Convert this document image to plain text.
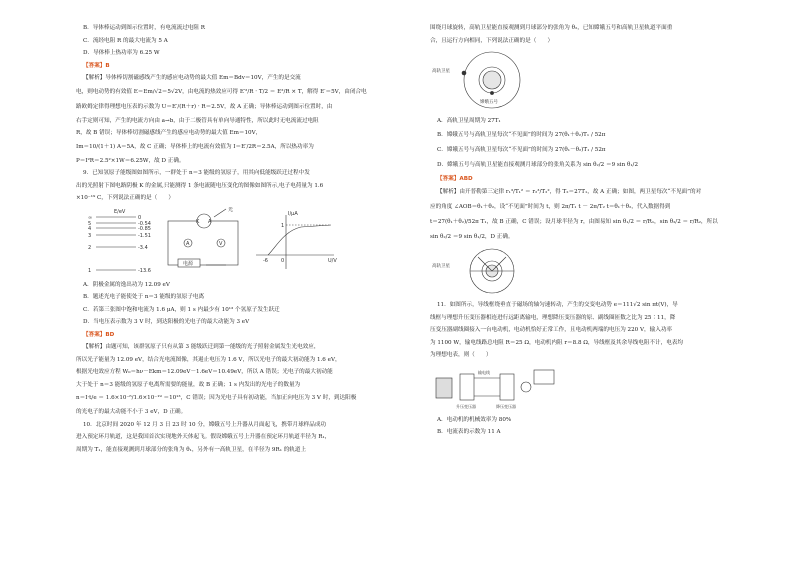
B．导体棒运动到图示位置时，有电流流过电阻 R
C．流经电阻 R 的最大电流为 5 A
D．导体棒上热功率为 6.25 W
【答案】B
【解析】导体棒切割磁感线产生的感应电动势的最大值 Em＝Bdv＝10V，产生的是交流
电，则电动势的有效值 E＝Em/√2＝5√2V，由电流的热效应可得 E′²/R · T/2 ＝ E²/R × T，解得 E′＝5V，由闭合电
路欧姆定律得理想电压表的示数为 U＝E′/(R＋r) · R＝2.5V，故 A 正确；导体棒运动到图示位置时，由
右手定则可知，产生的电流方向由 a→b，由于二极管具有单向导通特性，所以此时无电流流过电阻
R，故 B 错误；导体棒切割磁感线产生的感应电动势的最大值 Em＝10V，
Im＝10/(1＋1) A＝5A，故 C 正确；导体棒上的电流有效值为 I＝E′/2R＝2.5A，所以热功率为
P＝I²R＝2.5²×1W＝6.25W，故 D 正确。
9．已知氢原子能级图如图所示，一群处于 n＝3 能级的氢原子，用其向低能级跃迁过程中发
出的光照射下图电路阴极 K 的金属,只能测得 1 条电流随电压变化的图像如图所示,电子电荷量为 1.6
×10⁻¹⁹ C，下列说法正确的是（　　）
E/eV
∞
5
4
3
2
1
0
-0.54
-0.85
-1.51
-3.4
-13.6
光
K A
A	V
电源
I/μA
U/V
1
-6	0
A．阴极金属的逸出功为 12.09 eV
B．题述光电子能使处于 n＝3 能级的氢原子电离
C．若第三张图中饱和电流为 1.6 μA，则 1 s 内最少有 10¹³ 个氢原子发生跃迁
D．当电压表示数为 3 V 时，到达阳极的光电子的最大动能为 3 eV
【答案】BD
【解析】由题可知，该群氢原子只有从第 3 能级跃迁到第一能级的光子照射金属发生光电效应，
所以光子能量为 12.09 eV，结合光电流图像，其遏止电压为 1.6 V，所以光电子的最大初动能为 1.6 eV，
根据光电效应方程 W₀＝hν－Ekm＝12.09eV－1.6eV＝10.49eV，所以 A 错误；光电子的最大初动能
大于处于 n＝3 能级的氢原子电离所需要的能量，故 B 正确；1 s 内发出的光电子的数量为
n＝I·t/e ＝ 1.6×10⁻⁶/1.6×10⁻¹⁹ ＝10¹³，C 错误；因为光电子具有初动能，当加正向电压为 3 V 时，到达阳极
的光电子的最大动能不小于 3 eV，D 正确。
10．北京时间 2020 年 12 月 3 日 23 时 10 分，嫦娥五号上升器从月面起飞，携带月球样品成功
进入预定环月轨道，这是我国首次实现地外天体起飞。假设嫦娥五号上升器在预定环月轨道半径为 R₁，
周期为 T₁，能直接观测到月球部分的张角为 θ₁，另外有一高轨卫星，在半径为 9R₁ 的轨道上
围绕月球旋转，高轨卫星能直接观测到月球部分的张角为 θ₂，已知嫦娥五号和高轨卫星轨道平面重
合，且运行方向相同，下列说法正确的是（　　）
高轨卫星
嫦娥五号
A．高轨卫星周期为 27T₁
B．嫦娥五号与高轨卫星每次“不见面”的时间为 27(θ₁＋θ₂)T₁ / 52π
C．嫦娥五号与高轨卫星每次“不见面”的时间为 27(θ₁－θ₂)T₁ / 52π
D．嫦娥五号与高轨卫星能直接观测月球部分的张角关系为 sin θ₂/2 ＝9 sin θ₁/2
【答案】ABD
【解析】由开普勒第三定律 r₁³/T₁² ＝ r₂³/T₂²，得 T₂＝27T₁，故 A 正确；如图，两卫星每次“不见面”的对
应的角度 ∠AOB＝θ₁＋θ₂，设“不见面”时间为 t，则 2π/T₁ t － 2π/T₂ t＝θ₁＋θ₂，代入数据得到
t＝27(θ₁＋θ₂)/52π T₁，故 B 正确，C 错误；设月球半径为 r，由图易知 sin θ₁/2 ＝ r/R₁，sin θ₂/2 ＝ r/R₂，所以
sin θ₂/2 ＝9 sin θ₁/2，D 正确。
高轨卫星
11．如图所示，导线框绕垂直于磁场的轴匀速转动，产生的交变电动势 e＝111√2 sin πt(V)，导
线框与理想升压变压器相连进行远距离输电，理想降压变压器的原、副线圈匝数之比为 25∶11，降
压变压器副线圈接入一台电动机，电动机恰好正常工作，且电动机两端的电压为 220 V，输入功率
为 1100 W，输电线路总电阻 R＝25 Ω，电动机内阻 r＝8.8 Ω，导线框及其余导线电阻不计，电表均
为理想电表，则（　　）
升压变压器	降压变压器
输电线
A．电动机的机械效率为 80%
B．电流表的示数为 11 A
